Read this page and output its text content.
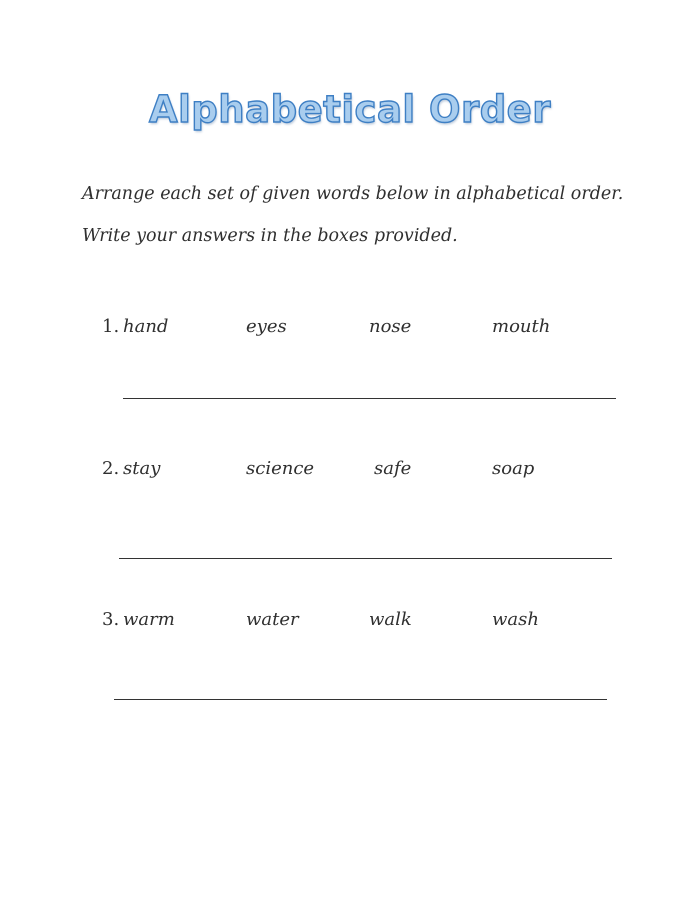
Alphabetical Order
Arrange each set of given words below in alphabetical order.
Write your answers in the boxes provided.
1. hand	eyes	nose	mouth
2. stay	science	safe	soap
3. warm	water	walk	wash
